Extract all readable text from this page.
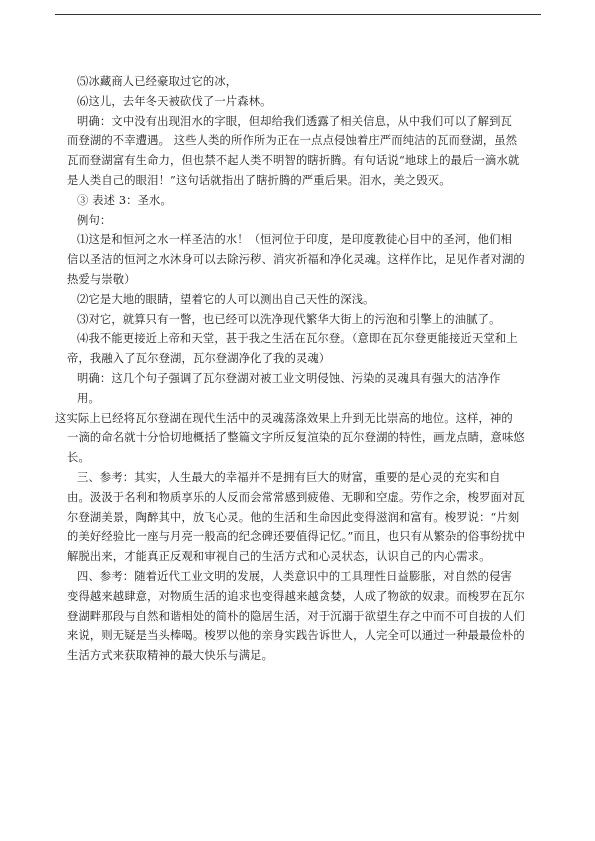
⑸冰藏商人已经豪取过它的冰，
⑹这儿，去年冬天被砍伐了一片森林。
明确：文中没有出现泪水的字眼，但却给我们透露了相关信息，从中我们可以了解到瓦
而登湖的不幸遭遇。 这些人类的所作所为正在一点点侵蚀着庄严而纯洁的瓦而登湖，虽然
瓦而登湖富有生命力，但也禁不起人类不明智的瞎折腾。有句话说“地球上的最后一滴水就
是人类自己的眼泪！”这句话就指出了瞎折腾的严重后果。泪水，美之毁灭。
③ 表述 3：圣水。
例句：
⑴这是和恒河之水一样圣洁的水！（恒河位于印度，是印度教徒心目中的圣河，他们相
信以圣洁的恒河之水沐身可以去除污秽、消灾祈福和净化灵魂。这样作比，足见作者对湖的
热爱与崇敬）
⑵它是大地的眼睛，望着它的人可以测出自己天性的深浅。
⑶对它，就算只有一瞥，也已经可以洗净现代繁华大街上的污泡和引擎上的油腻了。
⑷我不能更接近上帝和天堂，甚于我之生活在瓦尔登。（意即在瓦尔登更能接近天堂和上
帝，我融入了瓦尔登湖，瓦尔登湖净化了我的灵魂）
明确：这几个句子强调了瓦尔登湖对被工业文明侵蚀、污染的灵魂具有强大的洁净作
用。
这实际上已经将瓦尔登湖在现代生活中的灵魂荡涤效果上升到无比崇高的地位。这样，神的
一滴的命名就十分恰切地概括了整篇文字所反复渲染的瓦尔登湖的特性，画龙点睛，意味悠
长。
三、参考：其实，人生最大的幸福并不是拥有巨大的财富，重要的是心灵的充实和自
由。汲汲于名利和物质享乐的人反而会常常感到疲倦、无聊和空虚。劳作之余，梭罗面对瓦
尔登湖美景，陶醉其中，放飞心灵。他的生活和生命因此变得滋润和富有。梭罗说：“片刻
的美好经验比一座与月亮一般高的纪念碑还要值得记忆。”而且，也只有从繁杂的俗事纷扰中
解脱出来，才能真正反观和审视自己的生活方式和心灵状态，认识自己的内心需求。
四、参考：随着近代工业文明的发展，人类意识中的工具理性日益膨胀，对自然的侵害
变得越来越肆意，对物质生活的追求也变得越来越贪婪，人成了物欲的奴隶。而梭罗在瓦尔
登湖畔那段与自然和谐相处的简朴的隐居生活，对于沉溺于欲望生存之中而不可自拔的人们
来说，则无疑是当头棒喝。梭罗以他的亲身实践告诉世人，人完全可以通过一种最最俭朴的
生活方式来获取精神的最大快乐与满足。
